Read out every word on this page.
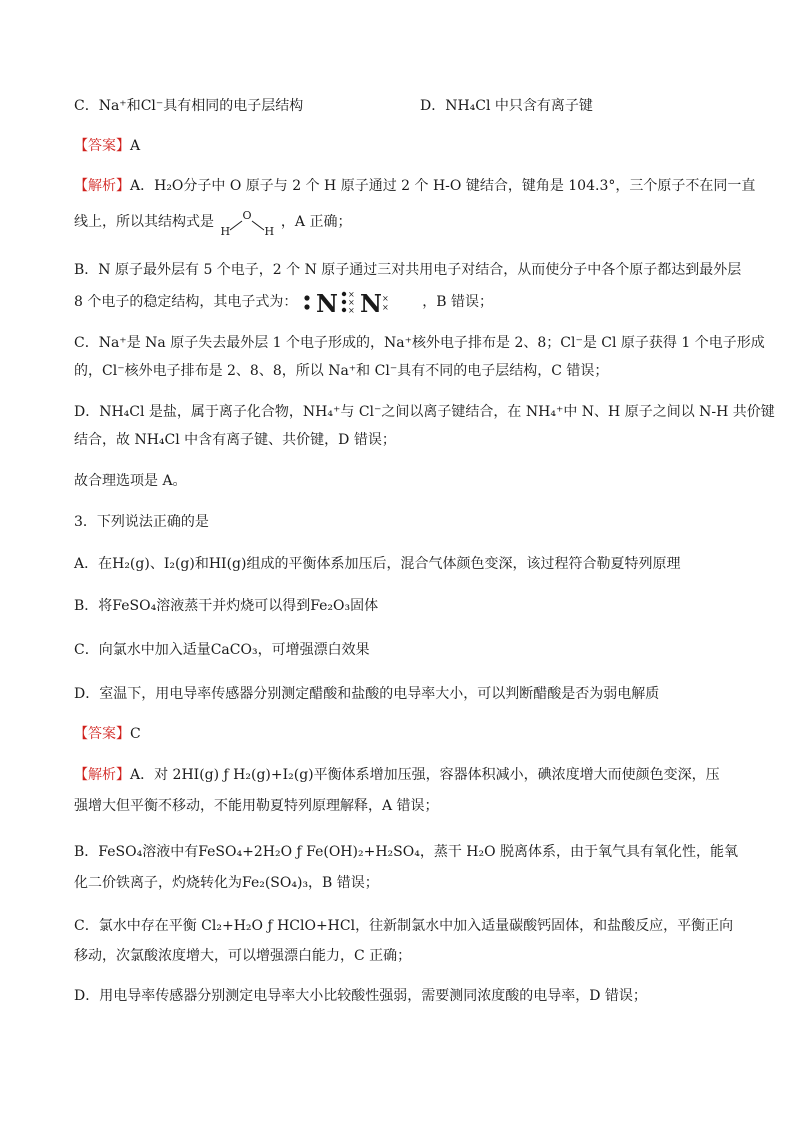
C．Na⁺和Cl⁻具有相同的电子层结构	D．NH₄Cl 中只含有离子键
【答案】A
【解析】A．H₂O分子中 O 原子与 2 个 H 原子通过 2 个 H-O 键结合，键角是 104.3°，三个原子不在同一直
线上，所以其结构式是	O
H	H
，A 正确；
B．N 原子最外层有 5 个电子，2 个 N 原子通过三对共用电子对结合，从而使分子中各个原子都达到最外层
8 个电子的稳定结构，其电子式为： N ×
×
× N ×
× ，B 错误；
C．Na⁺是 Na 原子失去最外层 1 个电子形成的，Na⁺核外电子排布是 2、8；Cl⁻是 Cl 原子获得 1 个电子形成
的，Cl⁻核外电子排布是 2、8、8，所以 Na⁺和 Cl⁻具有不同的电子层结构，C 错误；
D．NH₄Cl 是盐，属于离子化合物，NH₄⁺与 Cl⁻之间以离子键结合，在 NH₄⁺中 N、H 原子之间以 N-H 共价键
结合，故 NH₄Cl 中含有离子键、共价键，D 错误；
故合理选项是 A。
3．下列说法正确的是
A．在H₂(g)、I₂(g)和HI(g)组成的平衡体系加压后，混合气体颜色变深，该过程符合勒夏特列原理
B．将FeSO₄溶液蒸干并灼烧可以得到Fe₂O₃固体
C．向氯水中加入适量CaCO₃，可增强漂白效果
D．室温下，用电导率传感器分别测定醋酸和盐酸的电导率大小，可以判断醋酸是否为弱电解质
【答案】C
【解析】A．对 2HI(g) ƒ H₂(g)+I₂(g)平衡体系增加压强，容器体积减小，碘浓度增大而使颜色变深，压
强增大但平衡不移动，不能用勒夏特列原理解释，A 错误；
B．FeSO₄溶液中有FeSO₄+2H₂O ƒ Fe(OH)₂+H₂SO₄，蒸干 H₂O 脱离体系，由于氧气具有氧化性，能氧
化二价铁离子，灼烧转化为Fe₂(SO₄)₃，B 错误；
C．氯水中存在平衡 Cl₂+H₂O ƒ HClO+HCl，往新制氯水中加入适量碳酸钙固体，和盐酸反应，平衡正向
移动，次氯酸浓度增大，可以增强漂白能力，C 正确；
D．用电导率传感器分别测定电导率大小比较酸性强弱，需要测同浓度酸的电导率，D 错误；
